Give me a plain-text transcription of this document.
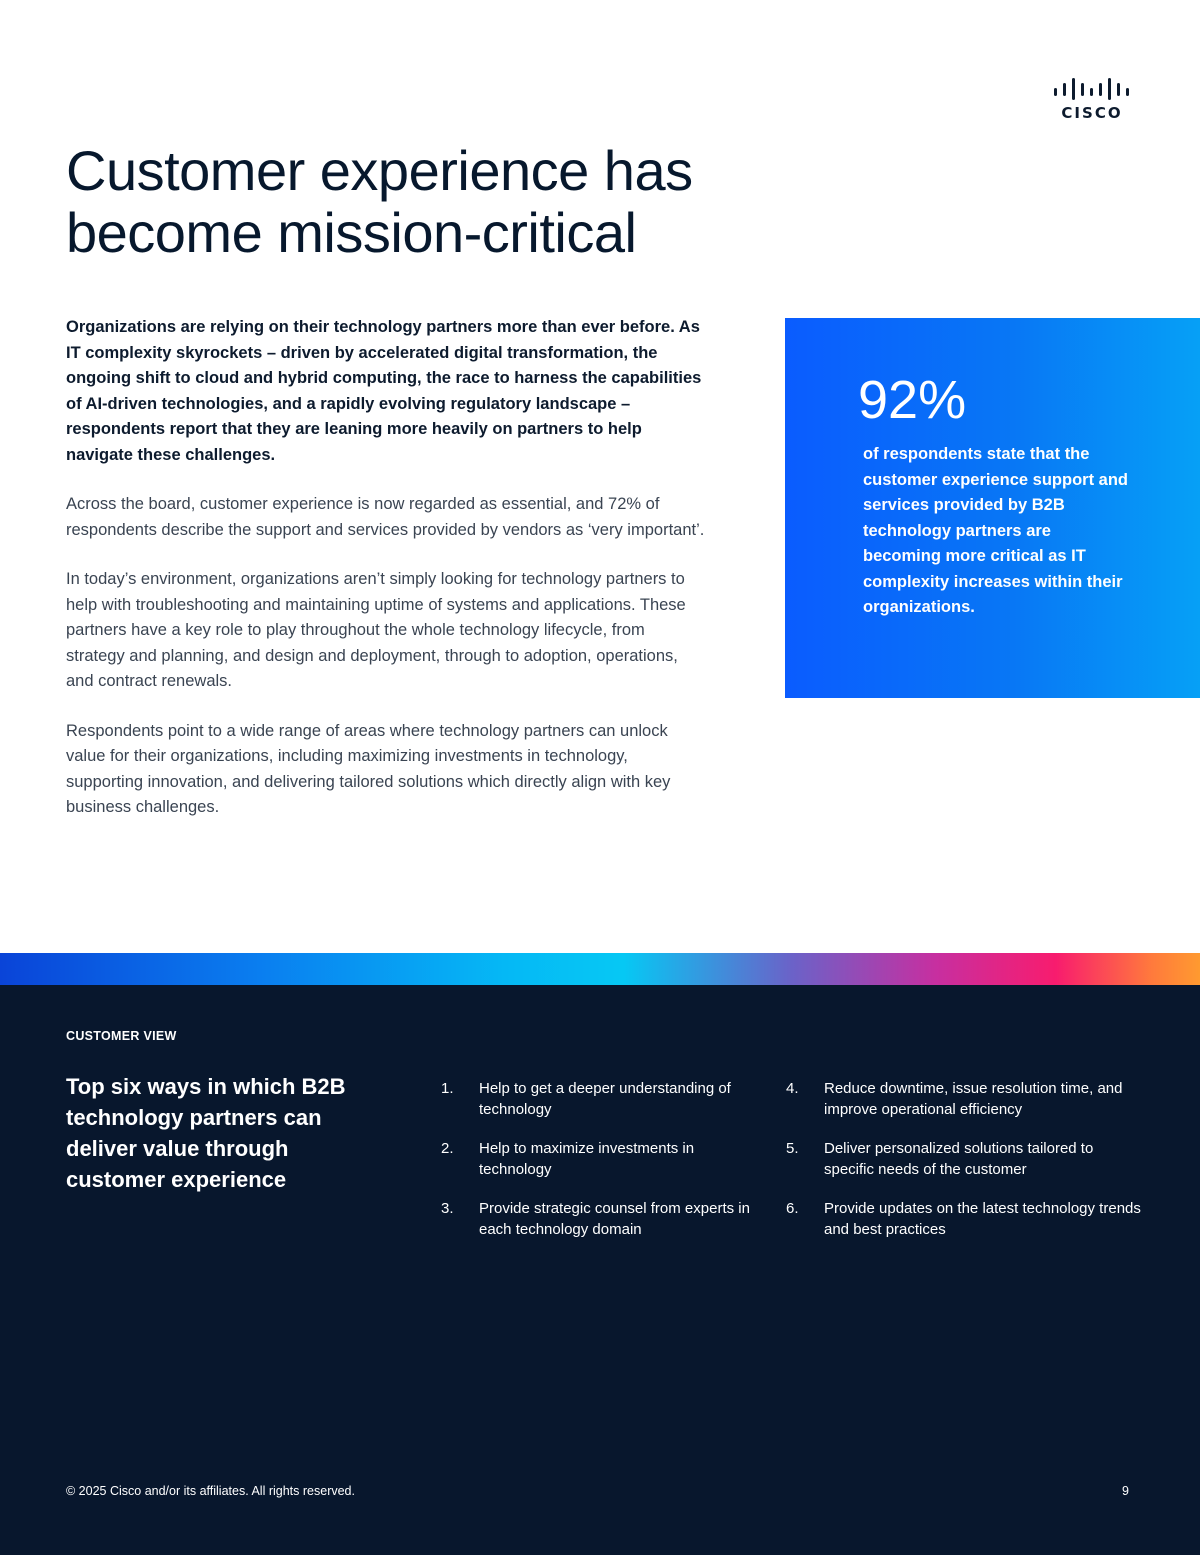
CISCO
Customer experience has
become mission-critical

Organizations are relying on their technology partners more than ever before. As IT complexity skyrockets – driven by accelerated digital transformation, the ongoing shift to cloud and hybrid computing, the race to harness the capabilities of AI-driven technologies, and a rapidly evolving regulatory landscape – respondents report that they are leaning more heavily on partners to help navigate these challenges.

Across the board, customer experience is now regarded as essential, and 72% of respondents describe the support and services provided by vendors as ‘very important’.

In today’s environment, organizations aren’t simply looking for technology partners to help with troubleshooting and maintaining uptime of systems and applications. These partners have a key role to play throughout the whole technology lifecycle, from strategy and planning, and design and deployment, through to adoption, operations, and contract renewals.

Respondents point to a wide range of areas where technology partners can unlock value for their organizations, including maximizing investments in technology, supporting innovation, and delivering tailored solutions which directly align with key business challenges.

92%
of respondents state that the customer experience support and services provided by B2B technology partners are becoming more critical as IT complexity increases within their organizations.
CUSTOMER VIEW
Top six ways in which B2B technology partners can deliver value through customer experience
1. Help to get a deeper understanding of technology
2. Help to maximize investments in technology
3. Provide strategic counsel from experts in each technology domain
4. Reduce downtime, issue resolution time, and improve operational efficiency
5. Deliver personalized solutions tailored to specific needs of the customer
6. Provide updates on the latest technology trends and best practices
© 2025 Cisco and/or its affiliates. All rights reserved.	9
